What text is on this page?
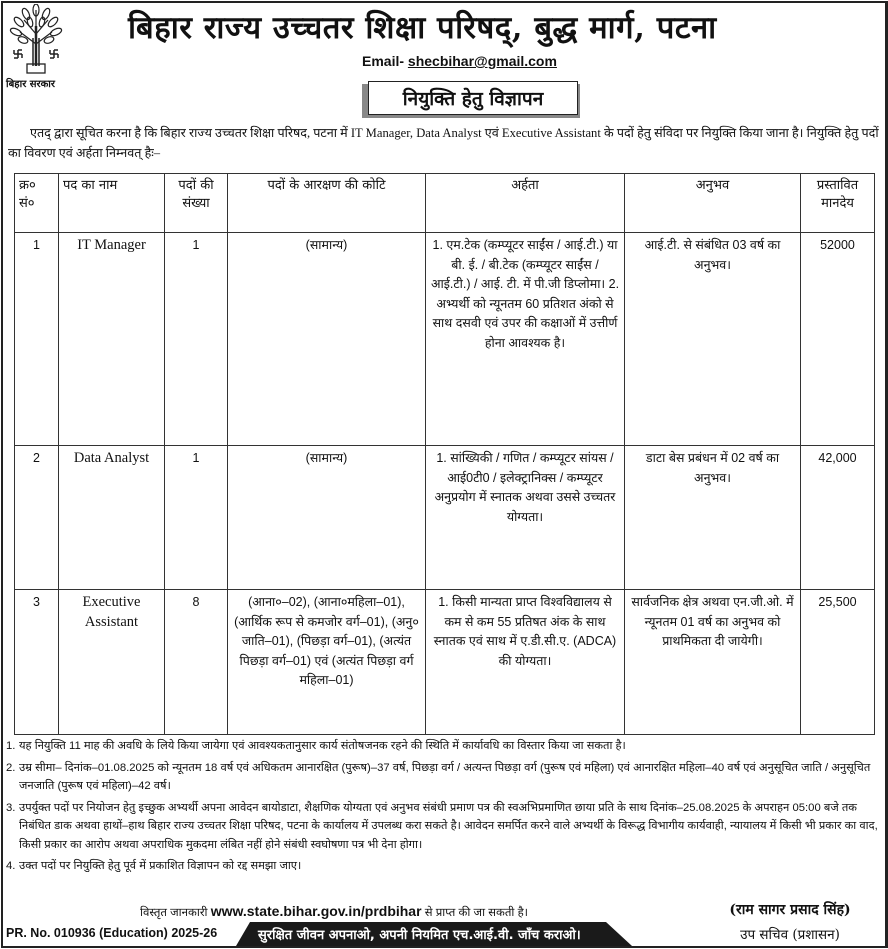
बिहार सरकार
बिहार राज्य उच्चतर शिक्षा परिषद्, बुद्ध मार्ग, पटना
Email- shecbihar@gmail.com
नियुक्ति हेतु विज्ञापन
एतद् द्वारा सूचित करना है कि बिहार राज्य उच्चतर शिक्षा परिषद, पटना में IT Manager, Data Analyst एवं Executive Assistant के पदों हेतु संविदा पर नियुक्ति किया जाना है। नियुक्ति हेतु पदों का विवरण एवं अर्हता निम्नवत् हैः–
क्र० सं०	पद का नाम	पदों की संख्या	पदों के आरक्षण की कोटि	अर्हता	अनुभव	प्रस्तावित मानदेय
1	IT Manager	1	(सामान्य)	1. एम.टेक (कम्प्यूटर साईंस / आई.टी.) या बी. ई. / बी.टेक (कम्प्यूटर साईंस / आई.टी.) / आई. टी. में पी.जी डिप्लोमा। 2. अभ्यर्थी को न्यूनतम 60 प्रतिशत अंको से साथ दसवी एवं उपर की कक्षाओं में उत्तीर्ण होना आवश्यक है।	आई.टी. से संबंधित 03 वर्ष का अनुभव।	52000
2	Data Analyst	1	(सामान्य)	1. सांख्यिकी / गणित / कम्प्यूटर सांयस / आई0टी0 / इलेक्ट्रानिक्स / कम्प्यूटर अनुप्रयोग में स्नातक अथवा उससे उच्चतर योग्यता।	डाटा बेस प्रबंधन में 02 वर्ष का अनुभव।	42,000
3	Executive Assistant	8	(आना०–02), (आना०महिला–01), (आर्थिक रूप से कमजोर वर्ग–01), (अनु० जाति–01), (पिछड़ा वर्ग–01), (अत्यंत पिछड़ा वर्ग–01) एवं (अत्यंत पिछड़ा वर्ग महिला–01)	1. किसी मान्यता प्राप्त विश्वविद्यालय से कम से कम 55 प्रतिषत अंक के साथ स्नातक एवं साथ में ए.डी.सी.ए. (ADCA) की योग्यता।	सार्वजनिक क्षेत्र अथवा एन.जी.ओ. में न्यूनतम 01 वर्ष का अनुभव को प्राथमिकता दी जायेगी।	25,500
1. यह नियुक्ति 11 माह की अवधि के लिये किया जायेगा एवं आवश्यकतानुसार कार्य संतोषजनक रहने की स्थिति में कार्यावधि का विस्तार किया जा सकता है।
2. उम्र सीमा– दिनांक–01.08.2025 को न्यूनतम 18 वर्ष एवं अधिकतम आनारक्षित (पुरूष)–37 वर्ष, पिछड़ा वर्ग / अत्यन्त पिछड़ा वर्ग (पुरूष एवं महिला) एवं आनारक्षित महिला–40 वर्ष एवं अनुसूचित जाति / अनुसूचित जनजाति (पुरूष एवं महिला)–42 वर्ष।
3. उपर्युक्त पदों पर नियोजन हेतु इच्छुक अभ्यर्थी अपना आवेदन बायोडाटा, शैक्षणिक योग्यता एवं अनुभव संबंधी प्रमाण पत्र की स्वअभिप्रमाणित छाया प्रति के साथ दिनांक–25.08.2025 के अपराहन 05:00 बजे तक निबंधित डाक अथवा हाथों–हाथ बिहार राज्य उच्चतर शिक्षा परिषद, पटना के कार्यालय में उपलब्ध करा सकते है। आवेदन समर्पित करने वाले अभ्यर्थी के विरूद्ध विभागीय कार्यवाही, न्यायालय में किसी भी प्रकार का वाद, किसी प्रकार का आरोप अथवा अपराधिक मुकदमा लंबित नहीं होने संबंधी स्वघोषणा पत्र भी देना होगा।
4. उक्त पदों पर नियुक्ति हेतु पूर्व में प्रकाशित विज्ञापन को रद्द समझा जाए।
विस्तृत जानकारी www.state.bihar.gov.in/prdbihar से प्राप्त की जा सकती है।	(राम सागर प्रसाद सिंह)
उप सचिव (प्रशासन)
PR. No. 010936 (Education) 2025-26	सुरक्षित जीवन अपनाओ, अपनी नियमित एच.आई.वी. जाँच कराओ।
